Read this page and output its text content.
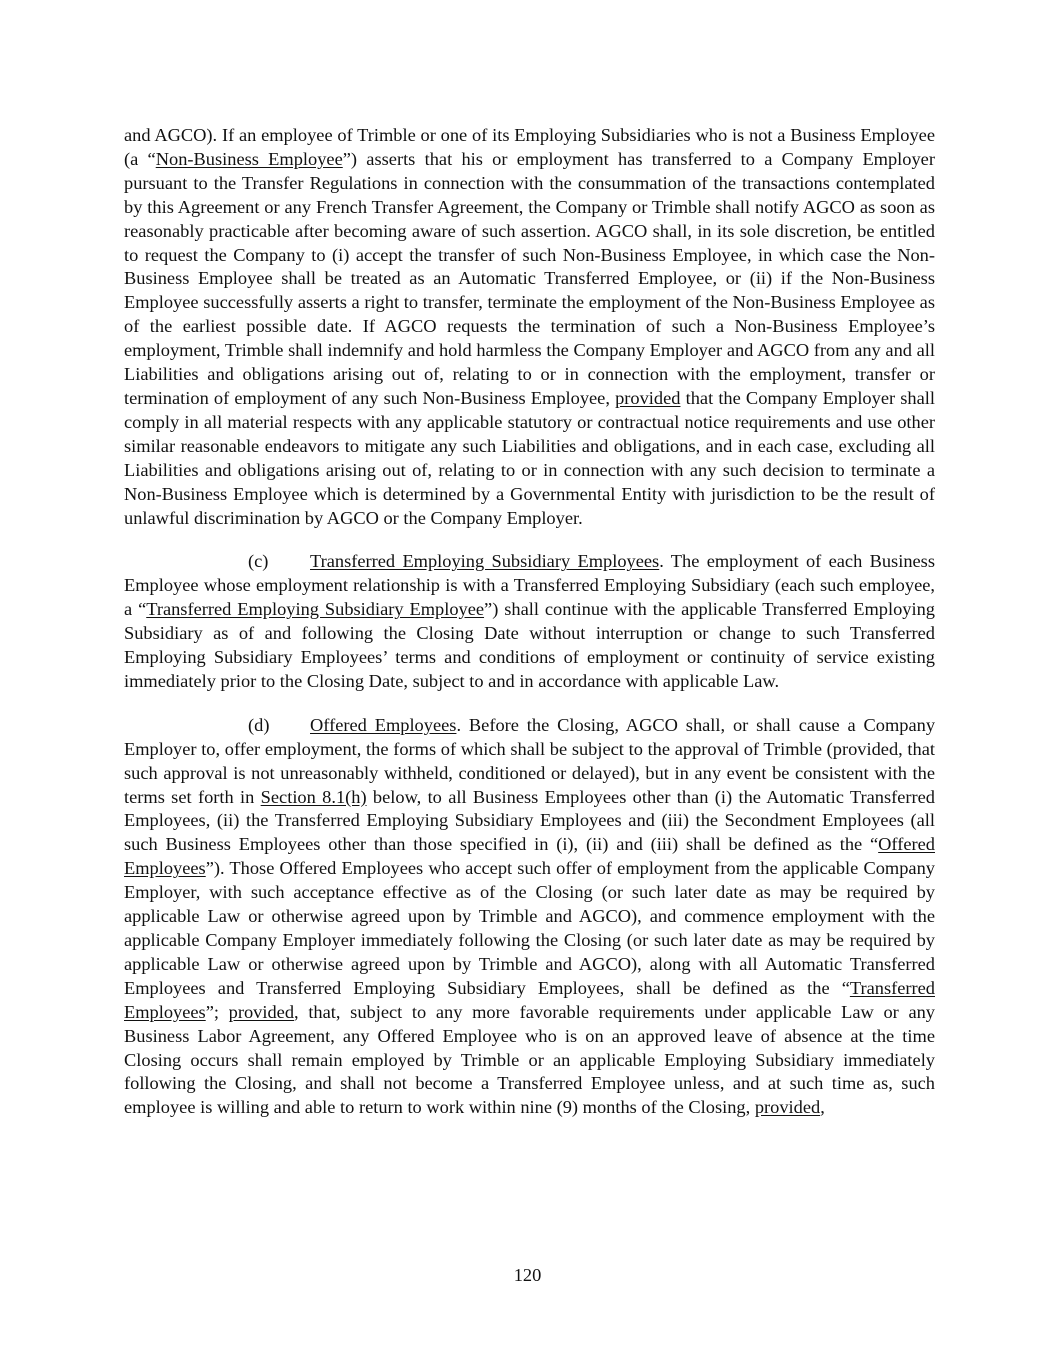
and AGCO). If an employee of Trimble or one of its Employing Subsidiaries who is not a Business Employee (a “Non-Business Employee”) asserts that his or employment has transferred to a Company Employer pursuant to the Transfer Regulations in connection with the consummation of the transactions contemplated by this Agreement or any French Transfer Agreement, the Company or Trimble shall notify AGCO as soon as reasonably practicable after becoming aware of such assertion. AGCO shall, in its sole discretion, be entitled to request the Company to (i) accept the transfer of such Non-Business Employee, in which case the Non-Business Employee shall be treated as an Automatic Transferred Employee, or (ii) if the Non-Business Employee successfully asserts a right to transfer, terminate the employment of the Non-Business Employee as of the earliest possible date. If AGCO requests the termination of such a Non-Business Employee’s employment, Trimble shall indemnify and hold harmless the Company Employer and AGCO from any and all Liabilities and obligations arising out of, relating to or in connection with the employment, transfer or termination of employment of any such Non-Business Employee, provided that the Company Employer shall comply in all material respects with any applicable statutory or contractual notice requirements and use other similar reasonable endeavors to mitigate any such Liabilities and obligations, and in each case, excluding all Liabilities and obligations arising out of, relating to or in connection with any such decision to terminate a Non-Business Employee which is determined by a Governmental Entity with jurisdiction to be the result of unlawful discrimination by AGCO or the Company Employer.

(c) Transferred Employing Subsidiary Employees. The employment of each Business Employee whose employment relationship is with a Transferred Employing Subsidiary (each such employee, a “Transferred Employing Subsidiary Employee”) shall continue with the applicable Transferred Employing Subsidiary as of and following the Closing Date without interruption or change to such Transferred Employing Subsidiary Employees’ terms and conditions of employment or continuity of service existing immediately prior to the Closing Date, subject to and in accordance with applicable Law.

(d) Offered Employees. Before the Closing, AGCO shall, or shall cause a Company Employer to, offer employment, the forms of which shall be subject to the approval of Trimble (provided, that such approval is not unreasonably withheld, conditioned or delayed), but in any event be consistent with the terms set forth in Section 8.1(h) below, to all Business Employees other than (i) the Automatic Transferred Employees, (ii) the Transferred Employing Subsidiary Employees and (iii) the Secondment Employees (all such Business Employees other than those specified in (i), (ii) and (iii) shall be defined as the “Offered Employees”). Those Offered Employees who accept such offer of employment from the applicable Company Employer, with such acceptance effective as of the Closing (or such later date as may be required by applicable Law or otherwise agreed upon by Trimble and AGCO), and commence employment with the applicable Company Employer immediately following the Closing (or such later date as may be required by applicable Law or otherwise agreed upon by Trimble and AGCO), along with all Automatic Transferred Employees and Transferred Employing Subsidiary Employees, shall be defined as the “Transferred Employees”; provided, that, subject to any more favorable requirements under applicable Law or any Business Labor Agreement, any Offered Employee who is on an approved leave of absence at the time Closing occurs shall remain employed by Trimble or an applicable Employing Subsidiary immediately following the Closing, and shall not become a Transferred Employee unless, and at such time as, such employee is willing and able to return to work within nine (9) months of the Closing, provided,

120
